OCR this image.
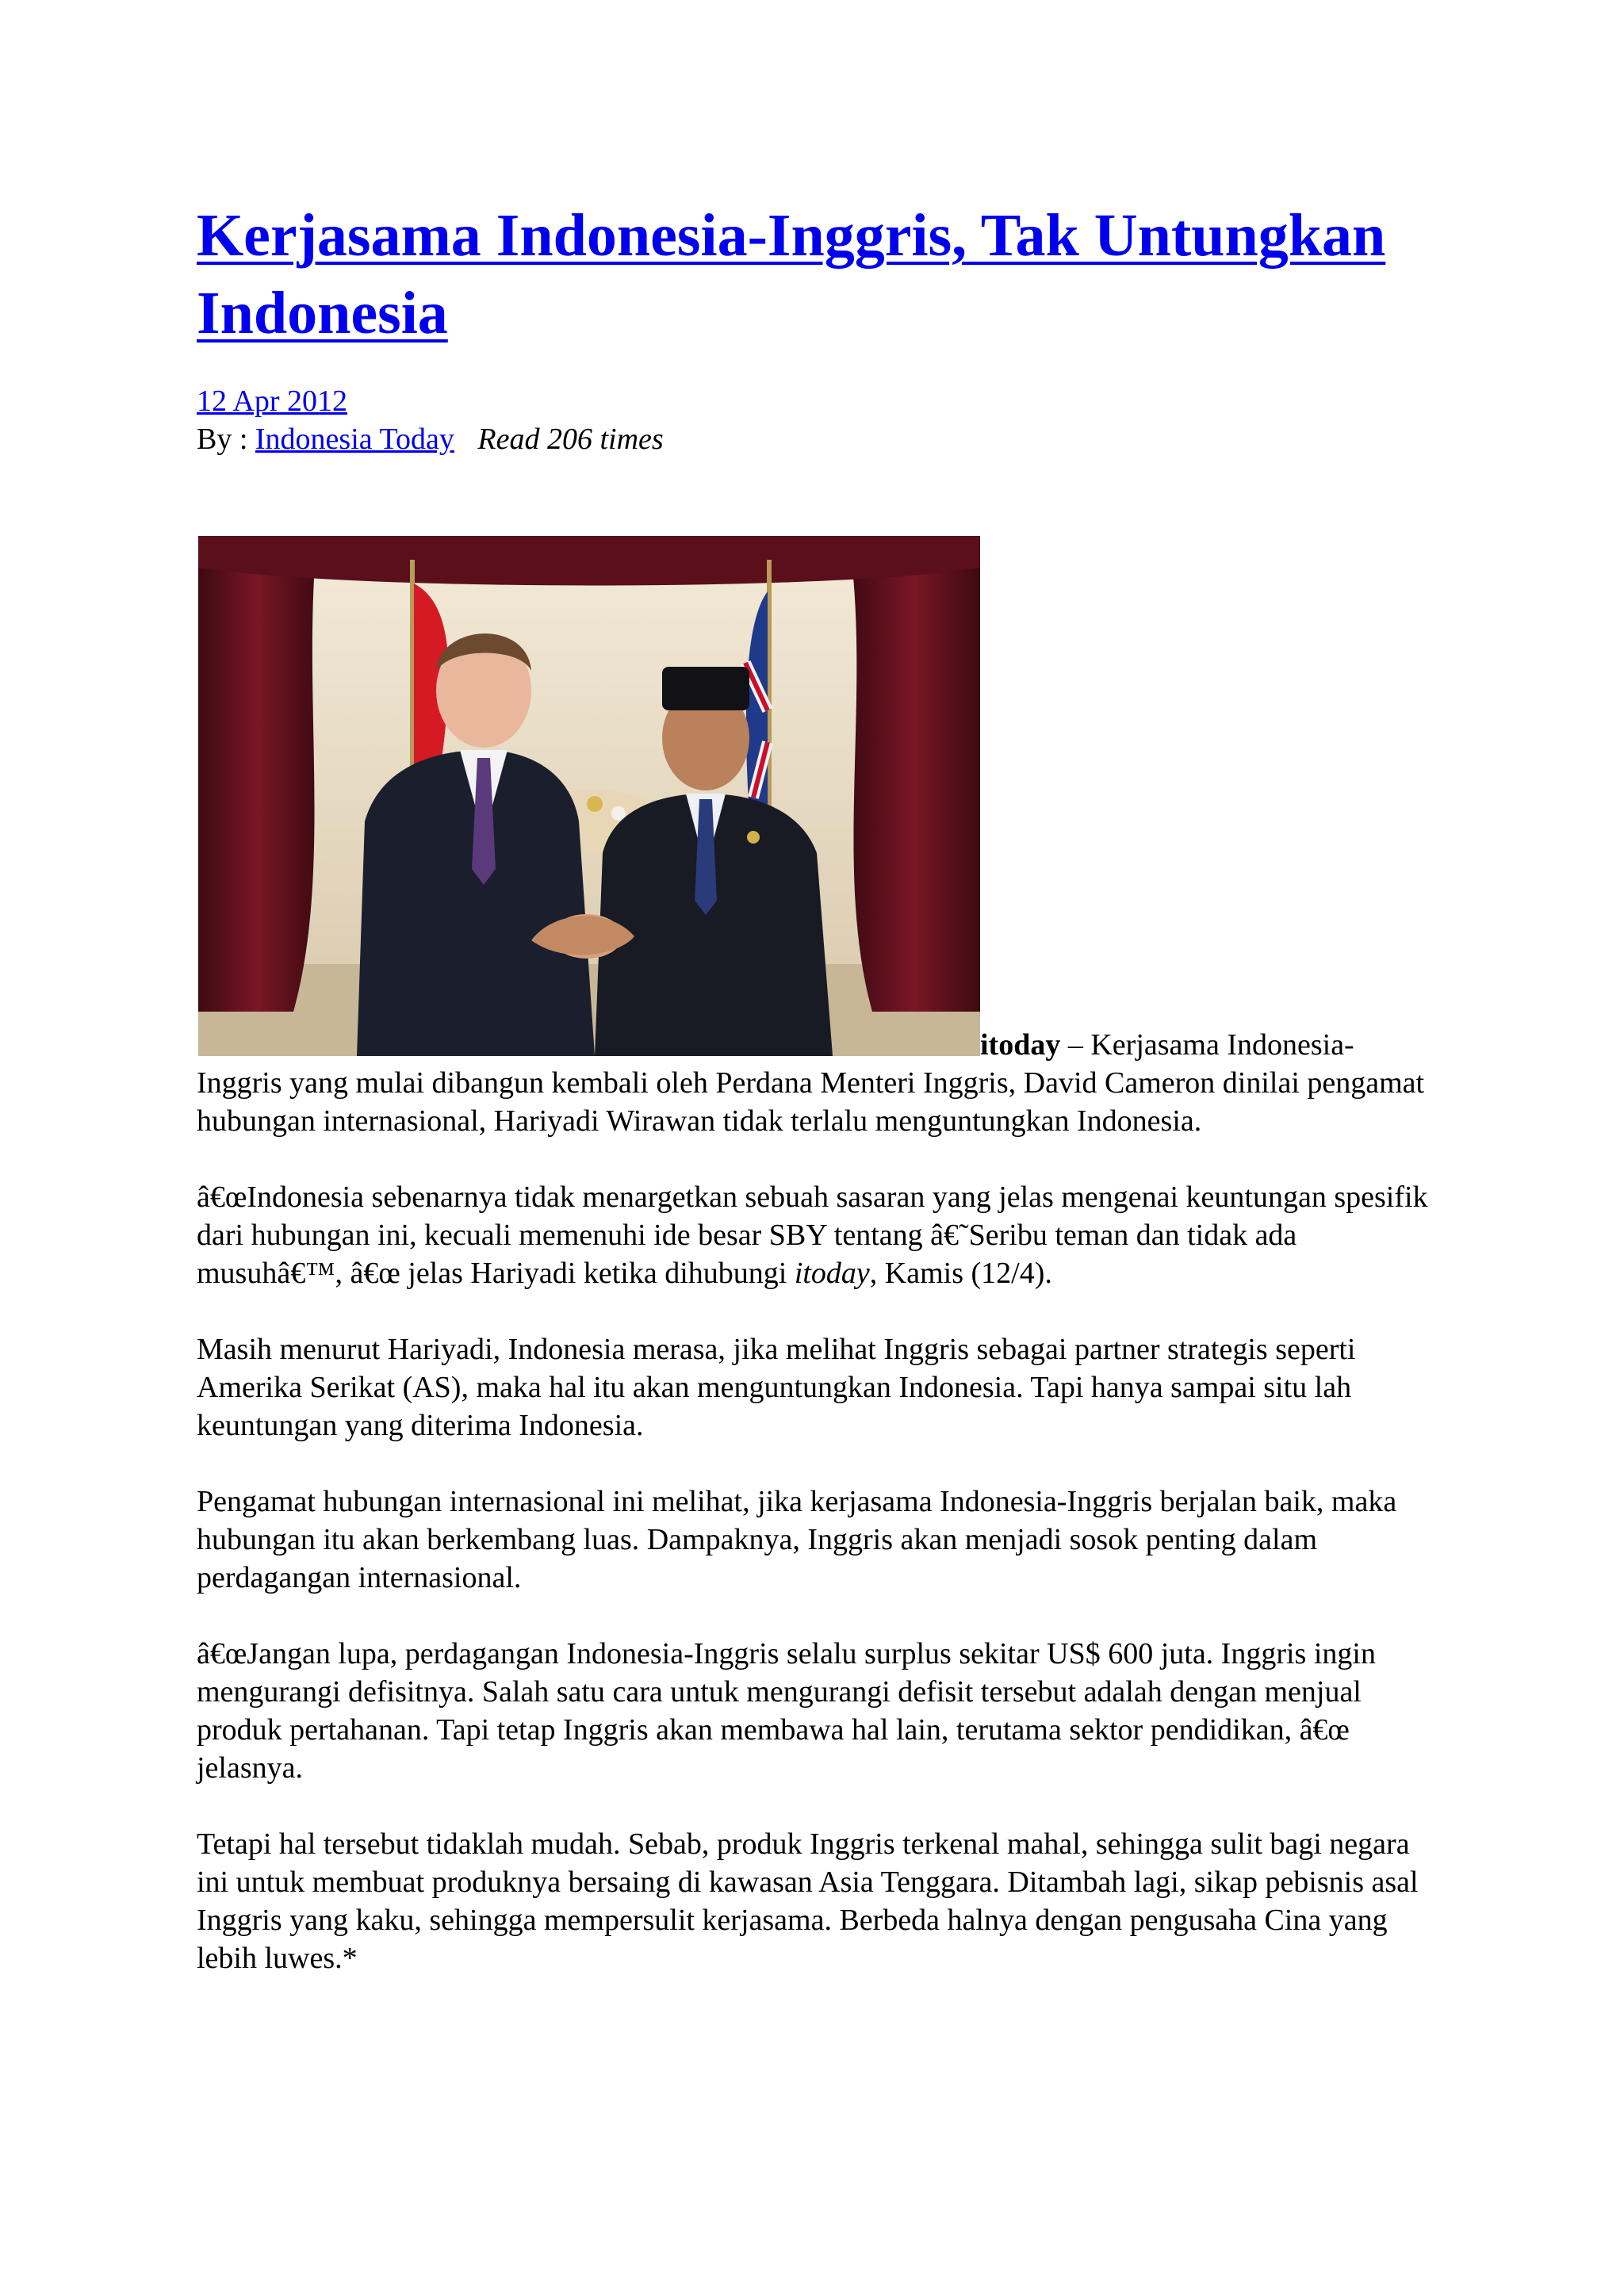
Kerjasama Indonesia-Inggris, Tak Untungkan Indonesia
12 Apr 2012
By : Indonesia Today Read 206 times
itoday – Kerjasama Indonesia-

Inggris yang mulai dibangun kembali oleh Perdana Menteri Inggris, David Cameron dinilai pengamat hubungan internasional, Hariyadi Wirawan tidak terlalu menguntungkan Indonesia.

â€œIndonesia sebenarnya tidak menargetkan sebuah sasaran yang jelas mengenai keuntungan spesifik dari hubungan ini, kecuali memenuhi ide besar SBY tentang â€˜Seribu teman dan tidak ada musuhâ€™, â€œ jelas Hariyadi ketika dihubungi itoday, Kamis (12/4).

Masih menurut Hariyadi, Indonesia merasa, jika melihat Inggris sebagai partner strategis seperti Amerika Serikat (AS), maka hal itu akan menguntungkan Indonesia. Tapi hanya sampai situ lah keuntungan yang diterima Indonesia.

Pengamat hubungan internasional ini melihat, jika kerjasama Indonesia-Inggris berjalan baik, maka hubungan itu akan berkembang luas. Dampaknya, Inggris akan menjadi sosok penting dalam perdagangan internasional.

â€œJangan lupa, perdagangan Indonesia-Inggris selalu surplus sekitar US$ 600 juta. Inggris ingin mengurangi defisitnya. Salah satu cara untuk mengurangi defisit tersebut adalah dengan menjual produk pertahanan. Tapi tetap Inggris akan membawa hal lain, terutama sektor pendidikan, â€œ jelasnya.

Tetapi hal tersebut tidaklah mudah. Sebab, produk Inggris terkenal mahal, sehingga sulit bagi negara ini untuk membuat produknya bersaing di kawasan Asia Tenggara. Ditambah lagi, sikap pebisnis asal Inggris yang kaku, sehingga mempersulit kerjasama. Berbeda halnya dengan pengusaha Cina yang lebih luwes.*
